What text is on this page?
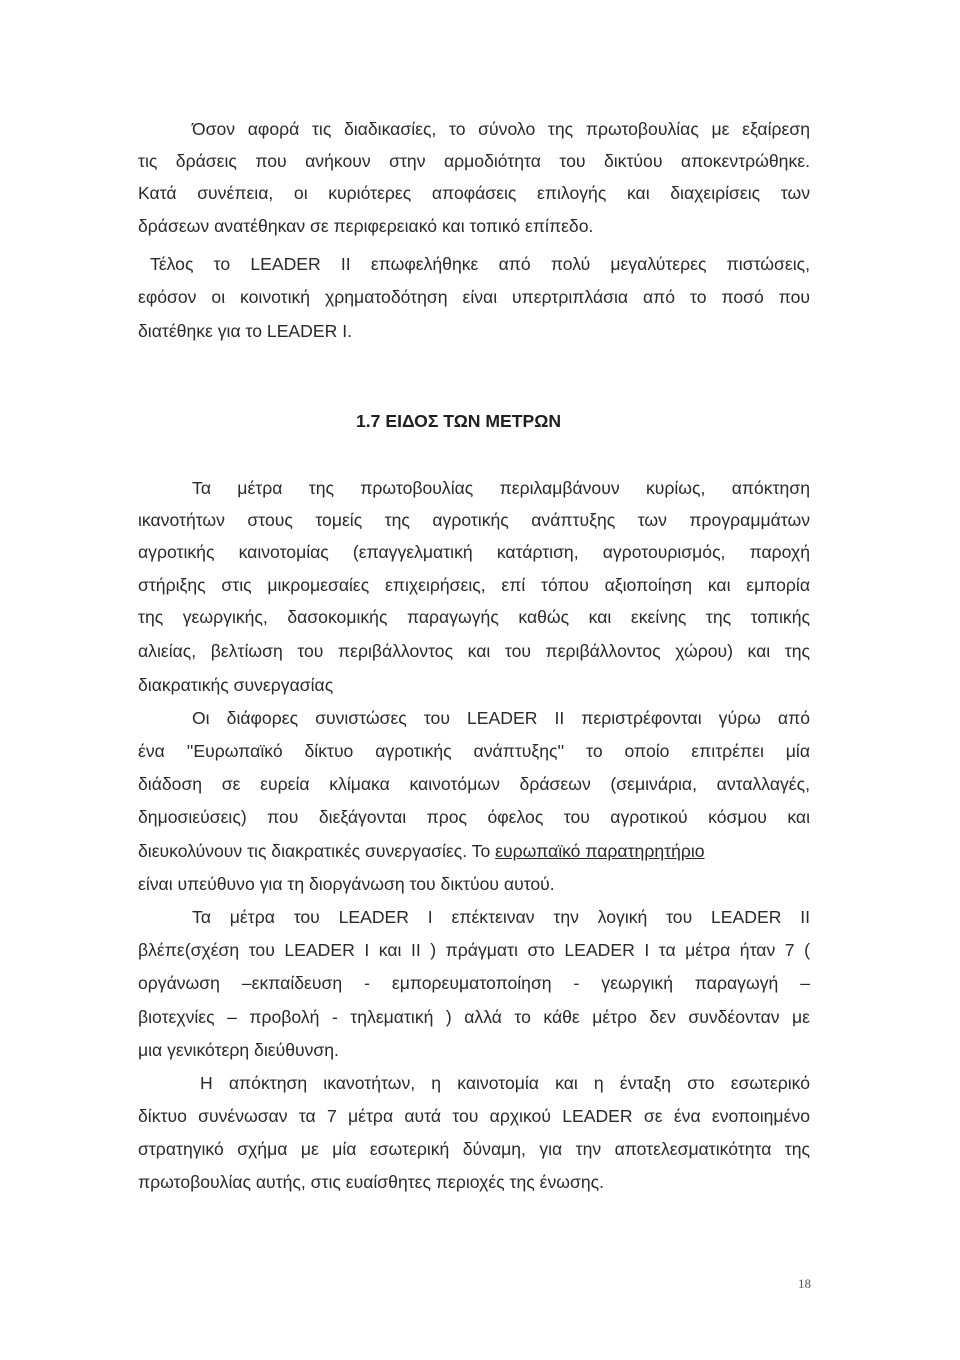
Όσον αφορά τις διαδικασίες, το σύνολο της πρωτοβουλίας με εξαίρεση
τις δράσεις που ανήκουν στην αρμοδιότητα του δικτύου αποκεντρώθηκε.
Κατά συνέπεια, οι κυριότερες αποφάσεις επιλογής και διαχειρίσεις των
δράσεων ανατέθηκαν σε περιφερειακό και τοπικό επίπεδο.
Τέλος το LEADER II επωφελήθηκε από πολύ μεγαλύτερες πιστώσεις,
εφόσον οι κοινοτική χρηματοδότηση είναι υπερτριπλάσια από το ποσό που
διατέθηκε για το LEADER I.
1.7 ΕΙΔΟΣ ΤΩΝ ΜΕΤΡΩΝ
Τα μέτρα της πρωτοβουλίας περιλαμβάνουν κυρίως, απόκτηση
ικανοτήτων στους τομείς της αγροτικής ανάπτυξης των προγραμμάτων
αγροτικής καινοτομίας (επαγγελματική κατάρτιση, αγροτουρισμός, παροχή
στήριξης στις μικρομεσαίες επιχειρήσεις, επί τόπου αξιοποίηση και εμπορία
της γεωργικής, δασοκομικής παραγωγής καθώς και εκείνης της τοπικής
αλιείας, βελτίωση του περιβάλλοντος και του περιβάλλοντος χώρου) και της
διακρατικής συνεργασίας
Οι διάφορες συνιστώσες του LEADER II περιστρέφονται γύρω από
ένα ''Ευρωπαϊκό δίκτυο αγροτικής ανάπτυξης'' το οποίο επιτρέπει μία
διάδοση σε ευρεία κλίμακα καινοτόμων δράσεων (σεμινάρια, ανταλλαγές,
δημοσιεύσεις) που διεξάγονται προς όφελος του αγροτικού κόσμου και
διευκολύνουν τις διακρατικές συνεργασίες. Το ευρωπαϊκό παρατηρητήριο
είναι υπεύθυνο για τη διοργάνωση του δικτύου αυτού.
Τα μέτρα του LEADER I επέκτειναν την λογική του LEADER II
βλέπε(σχέση του LEADER I και II ) πράγματι στο LEADER I τα μέτρα ήταν 7 (
οργάνωση –εκπαίδευση - εμπορευματοποίηση - γεωργική παραγωγή –
βιοτεχνίες – προβολή - τηλεματική ) αλλά το κάθε μέτρο δεν συνδέονταν με
μια γενικότερη διεύθυνση.
Η απόκτηση ικανοτήτων, η καινοτομία και η ένταξη στο εσωτερικό
δίκτυο συνένωσαν τα 7 μέτρα αυτά του αρχικού LEADER σε ένα ενοποιημένο
στρατηγικό σχήμα με μία εσωτερική δύναμη, για την αποτελεσματικότητα της
πρωτοβουλίας αυτής, στις ευαίσθητες περιοχές της ένωσης.
18
